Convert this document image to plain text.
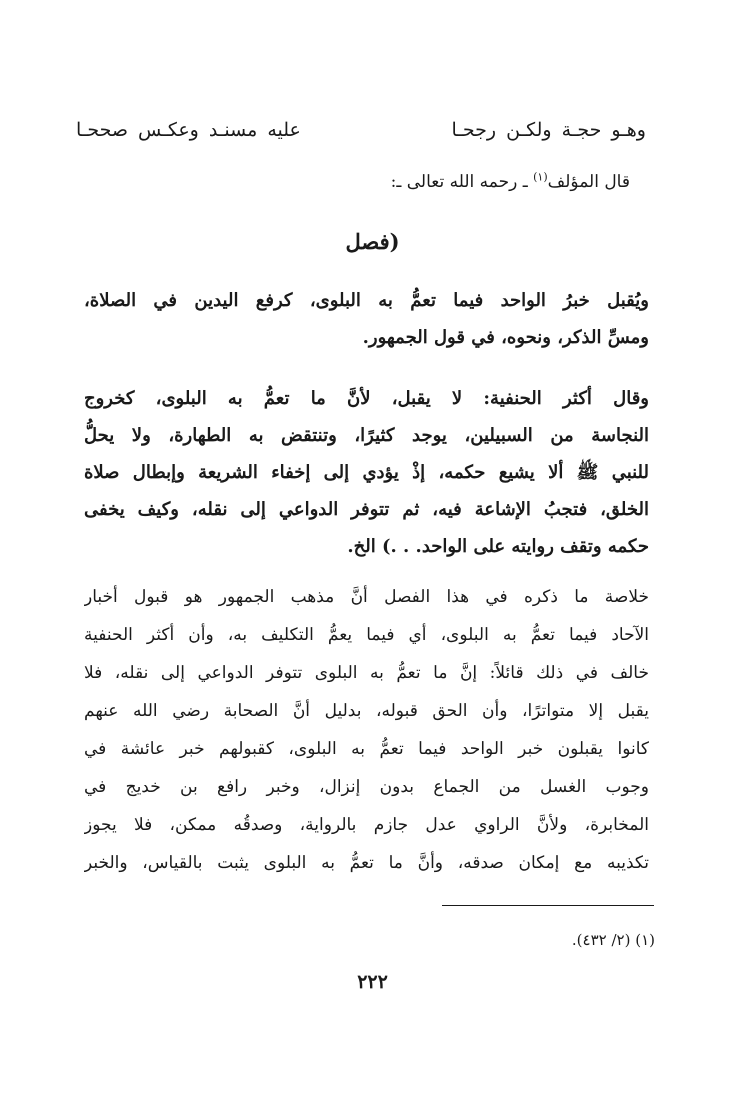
وهـو حجـة ولكـن رجحـا
عليه مسنـد وعكـس صححـا
قال المؤلف$^{(١)}$ ـ رحمه الله تعالى ـ:
(فصل
ويُقبل خبرُ الواحد فيما تعمُّ به البلوى، كرفع اليدين في الصلاة،
ومسِّ الذكر، ونحوه، في قول الجمهور.
وقال أكثر الحنفية: لا يقبل، لأنَّ ما تعمُّ به البلوى، كخروج
النجاسة من السبيلين، يوجد كثيرًا، وتنتقض به الطهارة، ولا يحلُّ
للنبي ﷺ ألا يشيع حكمه، إذْ يؤدي إلى إخفاء الشريعة وإبطال صلاة
الخلق، فتجبُ الإشاعة فيه، ثم تتوفر الدواعي إلى نقله، وكيف يخفى
حكمه وتقف روايته على الواحد. . .) الخ.
خلاصة ما ذكره في هذا الفصل أنَّ مذهب الجمهور هو قبول أخبار
الآحاد فيما تعمُّ به البلوى، أي فيما يعمُّ التكليف به، وأن أكثر الحنفية
خالف في ذلك قائلاً: إنَّ ما تعمُّ به البلوى تتوفر الدواعي إلى نقله، فلا
يقبل إلا متواترًا، وأن الحق قبوله، بدليل أنَّ الصحابة رضي الله عنهم
كانوا يقبلون خبر الواحد فيما تعمُّ به البلوى، كقبولهم خبر عائشة في
وجوب الغسل من الجماع بدون إنزال، وخبر رافع بن خديج في
المخابرة، ولأنَّ الراوي عدل جازم بالرواية، وصدقُه ممكن، فلا يجوز
تكذيبه مع إمكان صدقه، وأنَّ ما تعمُّ به البلوى يثبت بالقياس، والخبر
(١) (٢/ ٤٣٢).
٢٢٢
